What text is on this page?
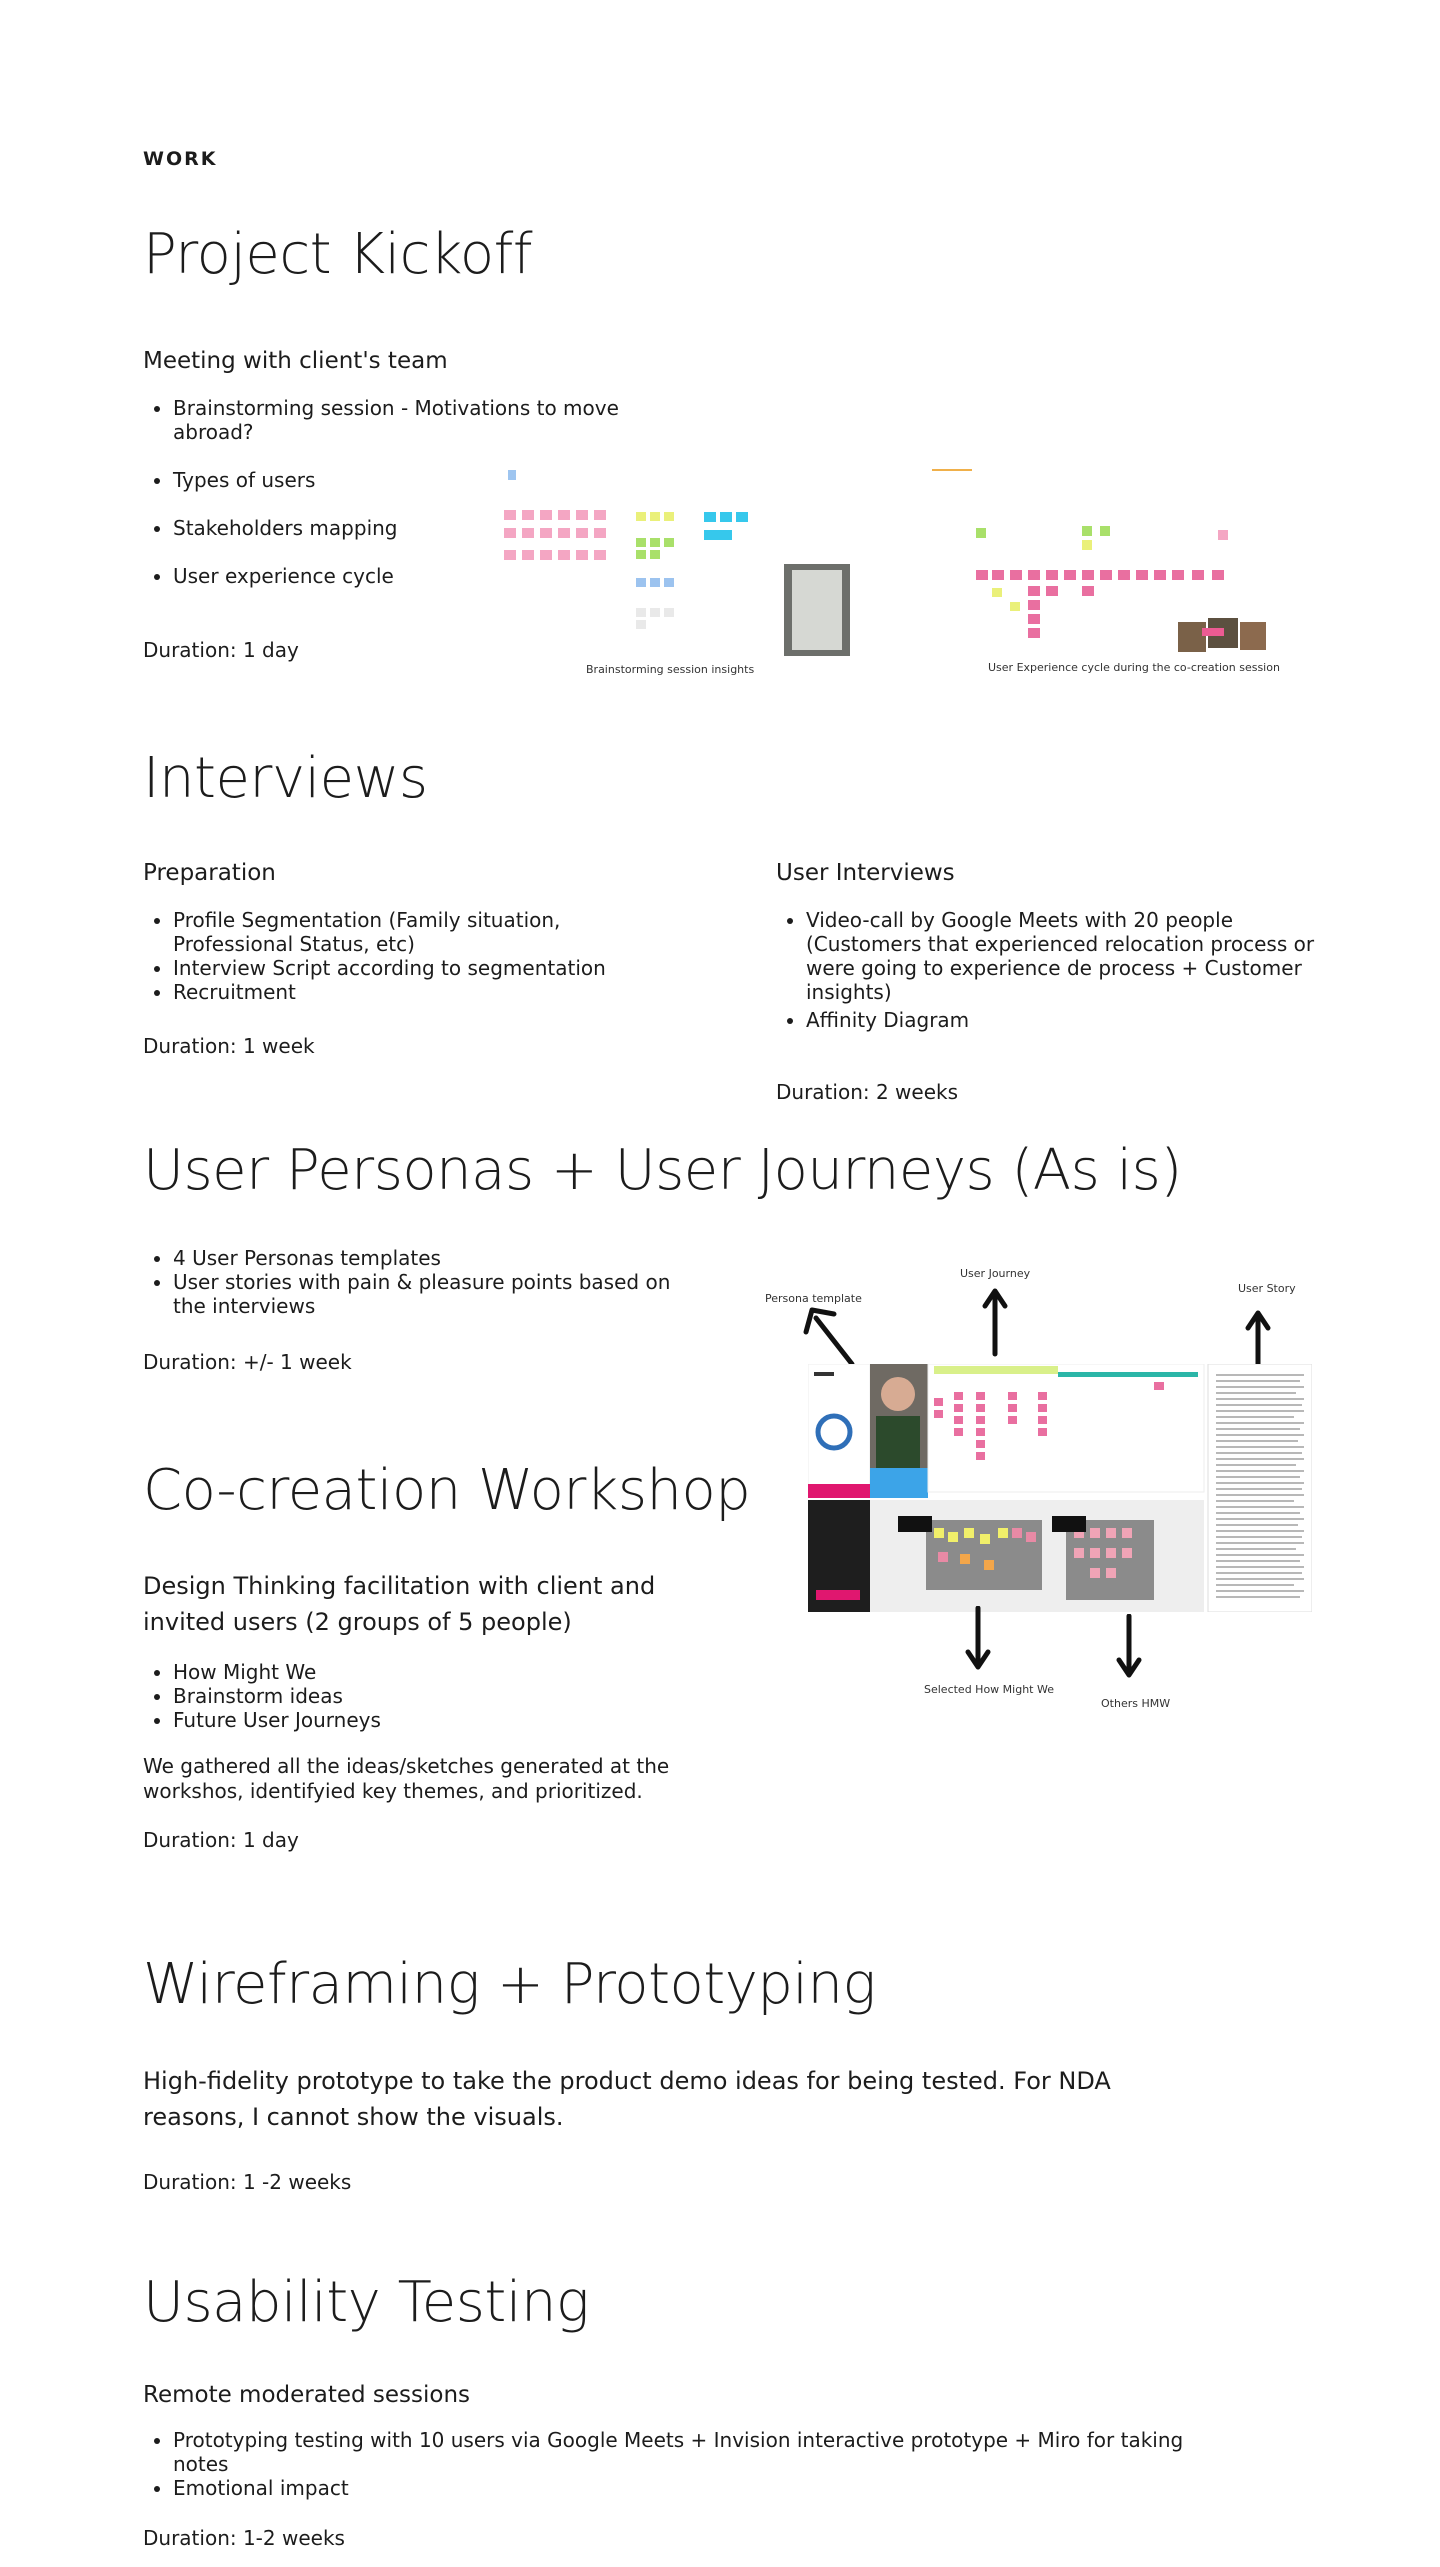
WORK
Project Kickoff
Meeting with client's team
• Brainstorming session - Motivations to move abroad?
• Types of users
• Stakeholders mapping
• User experience cycle
Duration: 1 day
Brainstorming session insights	User Experience cycle during the co-creation session
Interviews
Preparation
• Profile Segmentation (Family situation, Professional Status, etc)
• Interview Script according to segmentation
• Recruitment
Duration: 1 week
User Interviews
• Video-call by Google Meets with 20 people (Customers that experienced relocation process or were going to experience de process + Customer insights)
• Affinity Diagram
Duration: 2 weeks
User Personas + User Journeys (As is)
• 4 User Personas templates
• User stories with pain & pleasure points based on the interviews
Duration: +/- 1 week
Persona template
User Journey
User Story
Selected How Might We
Others HMW
Co-creation Workshop
Design Thinking facilitation with client and invited users (2 groups of 5 people)
• How Might We
• Brainstorm ideas
• Future User Journeys
We gathered all the ideas/sketches generated at the workshos, identifyied key themes, and prioritized.
Duration: 1 day
Wireframing + Prototyping
High-fidelity prototype to take the product demo ideas for being tested. For NDA reasons, I cannot show the visuals.
Duration: 1 -2 weeks
Usability Testing
Remote moderated sessions
• Prototyping testing with 10 users via Google Meets + Invision interactive prototype + Miro for taking notes
• Emotional impact
Duration: 1-2 weeks
